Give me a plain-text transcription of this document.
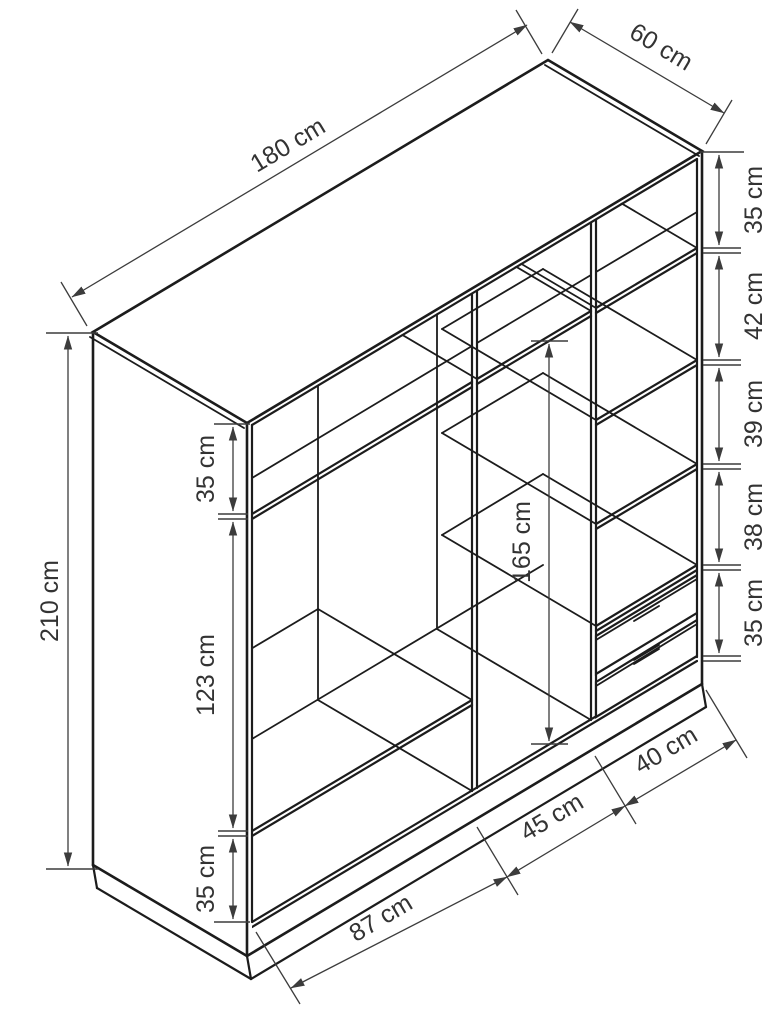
180 cm
60 cm
210 cm
35 cm
123 cm
35 cm
165 cm
35 cm
42 cm
39 cm
38 cm
35 cm
87 cm
45 cm
40 cm
